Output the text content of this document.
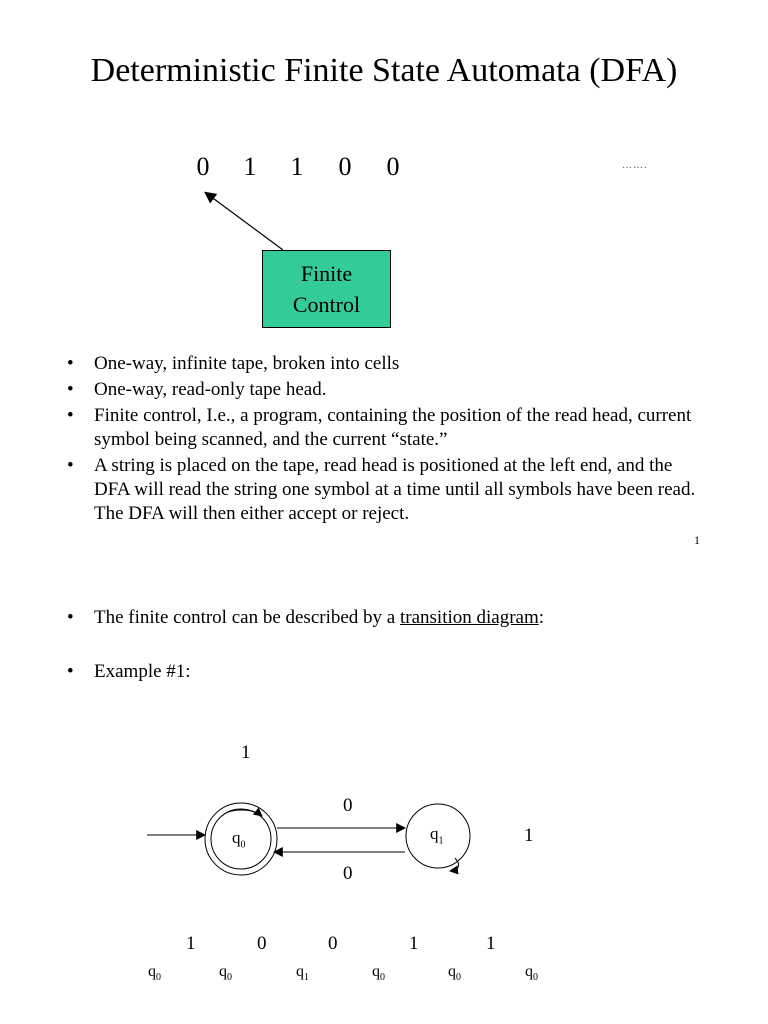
Deterministic Finite State Automata (DFA)
0	1	1	0	0	…….
Finite
Control
• One-way, infinite tape, broken into cells
• One-way, read-only tape head.
• Finite control, I.e., a program, containing the position of the read head, current symbol being scanned, and the current “state.”
• A string is placed on the tape, read head is positioned at the left end, and the DFA will read the string one symbol at a time until all symbols have been read. The DFA will then either accept or reject.
1
• The finite control can be described by a transition diagram:
• Example #1:
1
0
0
1
$q_0$
$q_1$
1	0	0	1	1
$q_0$	$q_0$	$q_1$	$q_0$	$q_0$	$q_0$
